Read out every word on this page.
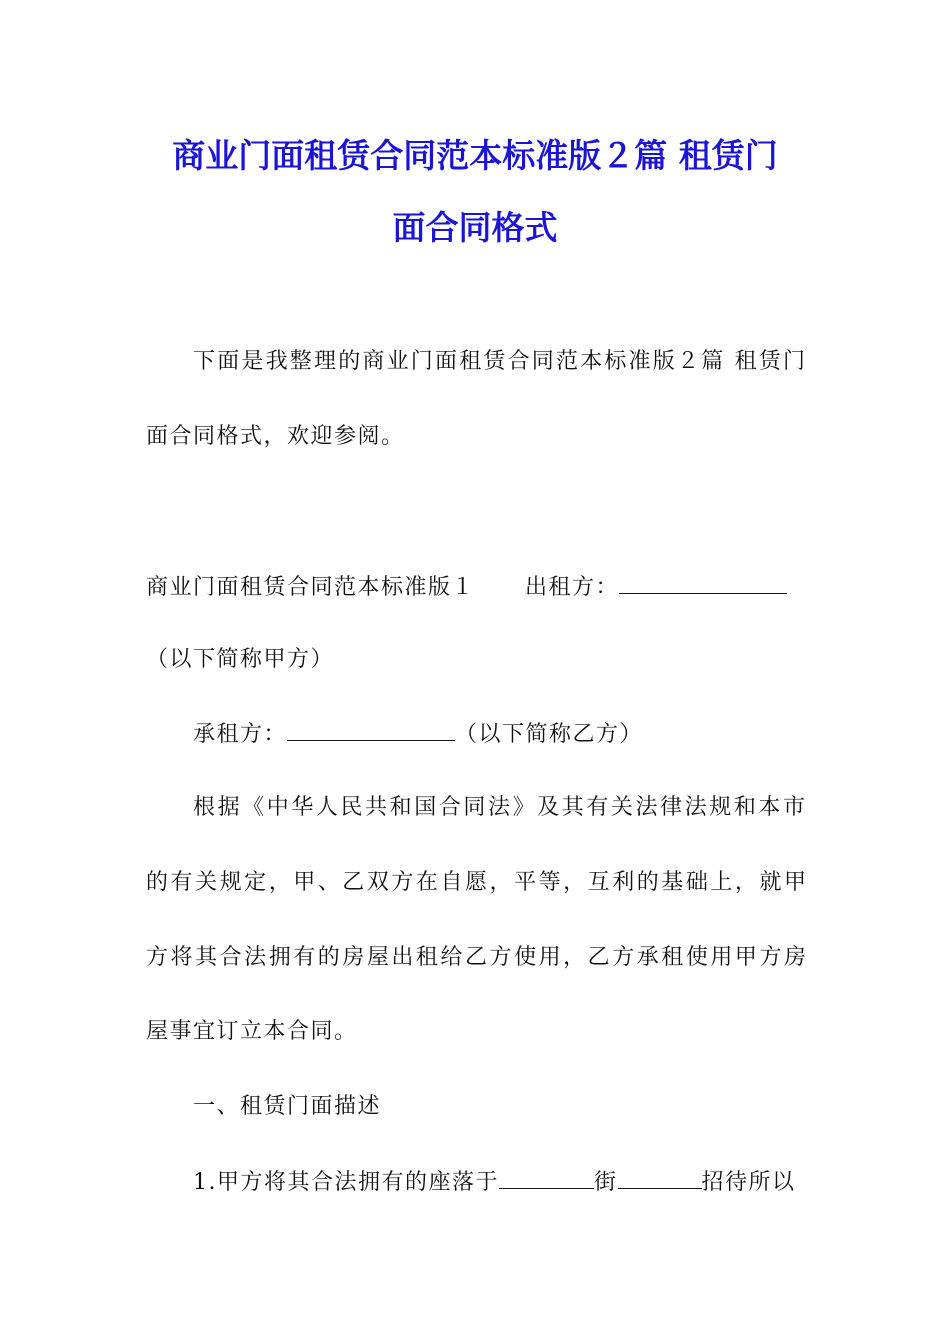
商业门面租赁合同范本标准版２篇 租赁门
面合同格式
下面是我整理的商业门面租赁合同范本标准版２篇 租赁门
面合同格式，欢迎参阅。
商业门面租赁合同范本标准版１ 出租方：
（以下简称甲方）
承租方：	（以下简称乙方）
根据《中华人民共和国合同法》及其有关法律法规和本市
的有关规定，甲、乙双方在自愿，平等，互利的基础上，就甲
方将其合法拥有的房屋出租给乙方使用，乙方承租使用甲方房
屋事宜订立本合同。
一、租赁门面描述
1.甲方将其合法拥有的座落于	街	招待所以
